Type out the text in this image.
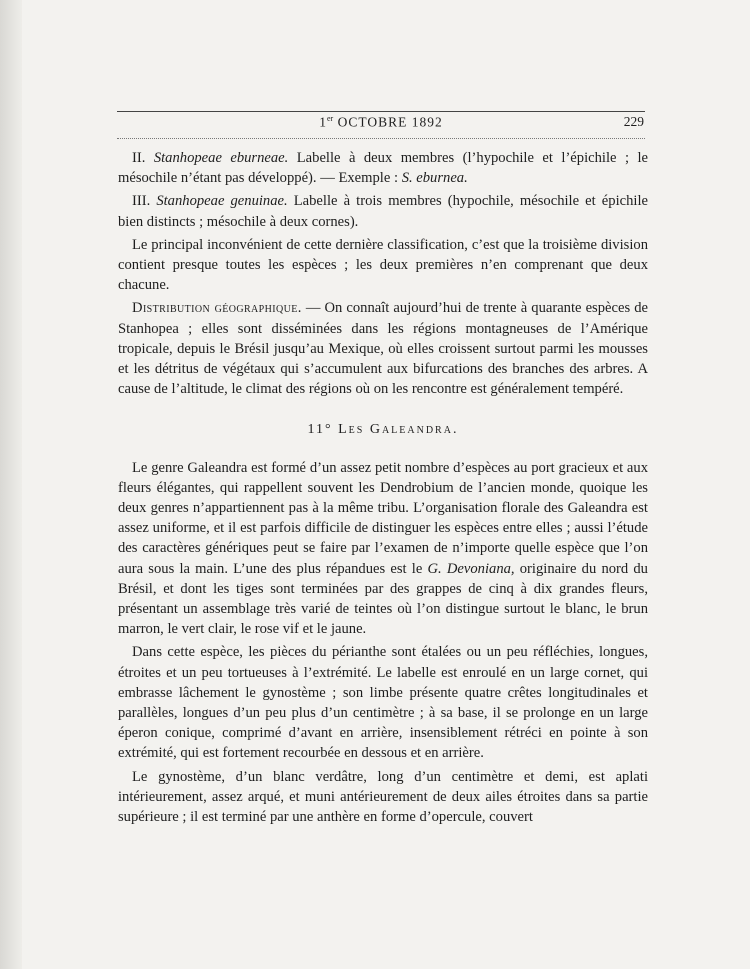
1er OCTOBRE 1892	229

II. Stanhopeae eburneae. Labelle à deux membres (l’hypochile et l’épichile ; le mésochile n’étant pas développé). — Exemple : S. eburnea.

III. Stanhopeae genuinae. Labelle à trois membres (hypochile, mésochile et épichile bien distincts ; mésochile à deux cornes).

Le principal inconvénient de cette dernière classification, c’est que la troisième division contient presque toutes les espèces ; les deux premières n’en comprenant que deux chacune.

Distribution géographique. — On connaît aujourd’hui de trente à quarante espèces de Stanhopea ; elles sont disséminées dans les régions montagneuses de l’Amérique tropicale, depuis le Brésil jusqu’au Mexique, où elles croissent surtout parmi les mousses et les détritus de végétaux qui s’accumulent aux bifurcations des branches des arbres. A cause de l’altitude, le climat des régions où on les rencontre est généralement tempéré.

11° Les Galeandra.

Le genre Galeandra est formé d’un assez petit nombre d’espèces au port gracieux et aux fleurs élégantes, qui rappellent souvent les Dendrobium de l’ancien monde, quoique les deux genres n’appartiennent pas à la même tribu. L’organisation florale des Galeandra est assez uniforme, et il est parfois difficile de distinguer les espèces entre elles ; aussi l’étude des caractères génériques peut se faire par l’examen de n’importe quelle espèce que l’on aura sous la main. L’une des plus répandues est le G. Devoniana, originaire du nord du Brésil, et dont les tiges sont terminées par des grappes de cinq à dix grandes fleurs, présentant un assemblage très varié de teintes où l’on distingue surtout le blanc, le brun marron, le vert clair, le rose vif et le jaune.

Dans cette espèce, les pièces du périanthe sont étalées ou un peu réfléchies, longues, étroites et un peu tortueuses à l’extrémité. Le labelle est enroulé en un large cornet, qui embrasse lâchement le gynostème ; son limbe présente quatre crêtes longitudinales et parallèles, longues d’un peu plus d’un centimètre ; à sa base, il se prolonge en un large éperon conique, comprimé d’avant en arrière, insensiblement rétréci en pointe à son extrémité, qui est fortement recourbée en dessous et en arrière.

Le gynostème, d’un blanc verdâtre, long d’un centimètre et demi, est aplati intérieurement, assez arqué, et muni antérieurement de deux ailes étroites dans sa partie supérieure ; il est terminé par une anthère en forme d’opercule, couvert
